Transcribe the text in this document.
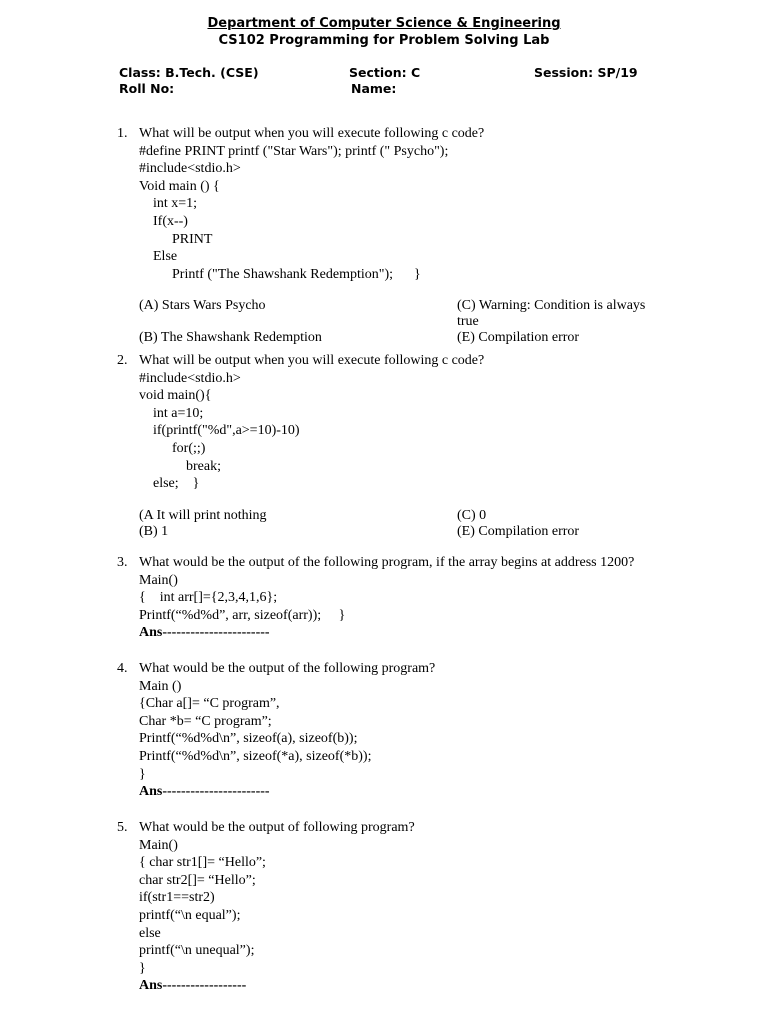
Department of Computer Science & Engineering
CS102 Programming for Problem Solving Lab
Class: B.Tech. (CSE)	Section: C	Session: SP/19
Roll No:	Name:
1. What will be output when you will execute following c code?
#define PRINT printf ("Star Wars"); printf (" Psycho");
#include<stdio.h>
Void main () {
int x=1;
If(x--)
PRINT
Else
Printf ("The Shawshank Redemption");      }
(A) Stars Wars Psycho	(C) Warning: Condition is always true
(B) The Shawshank Redemption	(E) Compilation error
2. What will be output when you will execute following c code?
#include<stdio.h>
void main(){
int a=10;
if(printf("%d",a>=10)-10)
for(;;)
break;
else;    }
(A It will print nothing	(C) 0
(B) 1	(E) Compilation error
3. What would be the output of the following program, if the array begins at address 1200?
Main()
{    int arr[]={2,3,4,1,6};
Printf(“%d%d”, arr, sizeof(arr));     }
Ans-----------------------
4. What would be the output of the following program?
Main ()
{Char a[]= “C program”,
Char *b= “C program”;
Printf(“%d%d\n”, sizeof(a), sizeof(b));
Printf(“%d%d\n”, sizeof(*a), sizeof(*b));
}
Ans-----------------------
5. What would be the output of following program?
Main()
{ char str1[]= “Hello”;
char str2[]= “Hello”;
if(str1==str2)
printf(“\n equal”);
else
printf(“\n unequal”);
}
Ans------------------
